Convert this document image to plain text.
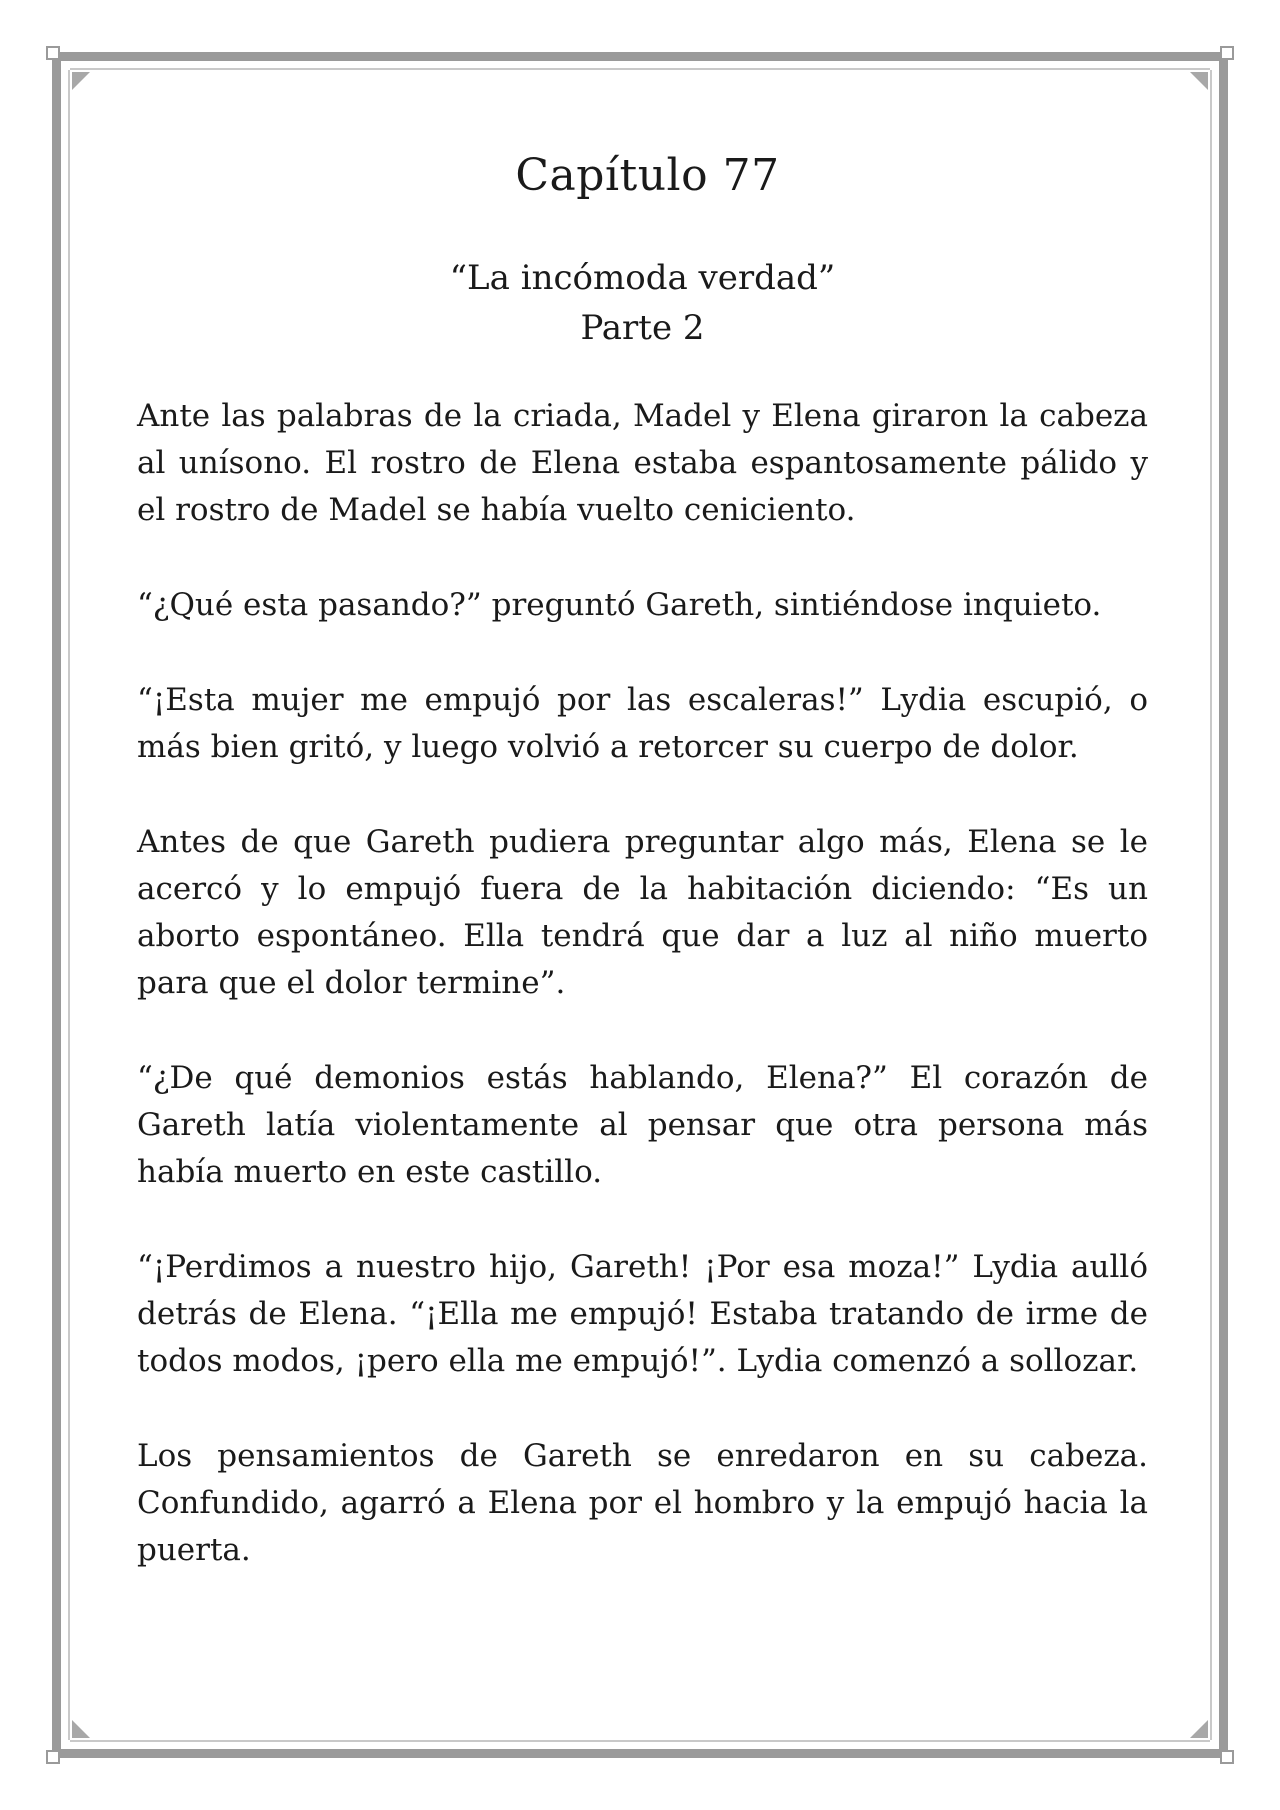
Capítulo 77
“La incómoda verdad”
Parte 2

Ante las palabras de la criada, Madel y Elena giraron la cabeza al unísono. El rostro de Elena estaba espantosamente pálido y el rostro de Madel se había vuelto ceniciento.

“¿Qué esta pasando?” preguntó Gareth, sintiéndose inquieto.

“¡Esta mujer me empujó por las escaleras!” Lydia escupió, o más bien gritó, y luego volvió a retorcer su cuerpo de dolor.

Antes de que Gareth pudiera preguntar algo más, Elena se le acercó y lo empujó fuera de la habitación diciendo: “Es un aborto espontáneo. Ella tendrá que dar a luz al niño muerto para que el dolor termine”.

“¿De qué demonios estás hablando, Elena?” El corazón de Gareth latía violentamente al pensar que otra persona más había muerto en este castillo.

“¡Perdimos a nuestro hijo, Gareth! ¡Por esa moza!” Lydia aulló detrás de Elena. “¡Ella me empujó! Estaba tratando de irme de todos modos, ¡pero ella me empujó!”. Lydia comenzó a sollozar.

Los pensamientos de Gareth se enredaron en su cabeza. Confundido, agarró a Elena por el hombro y la empujó hacia la puerta.
